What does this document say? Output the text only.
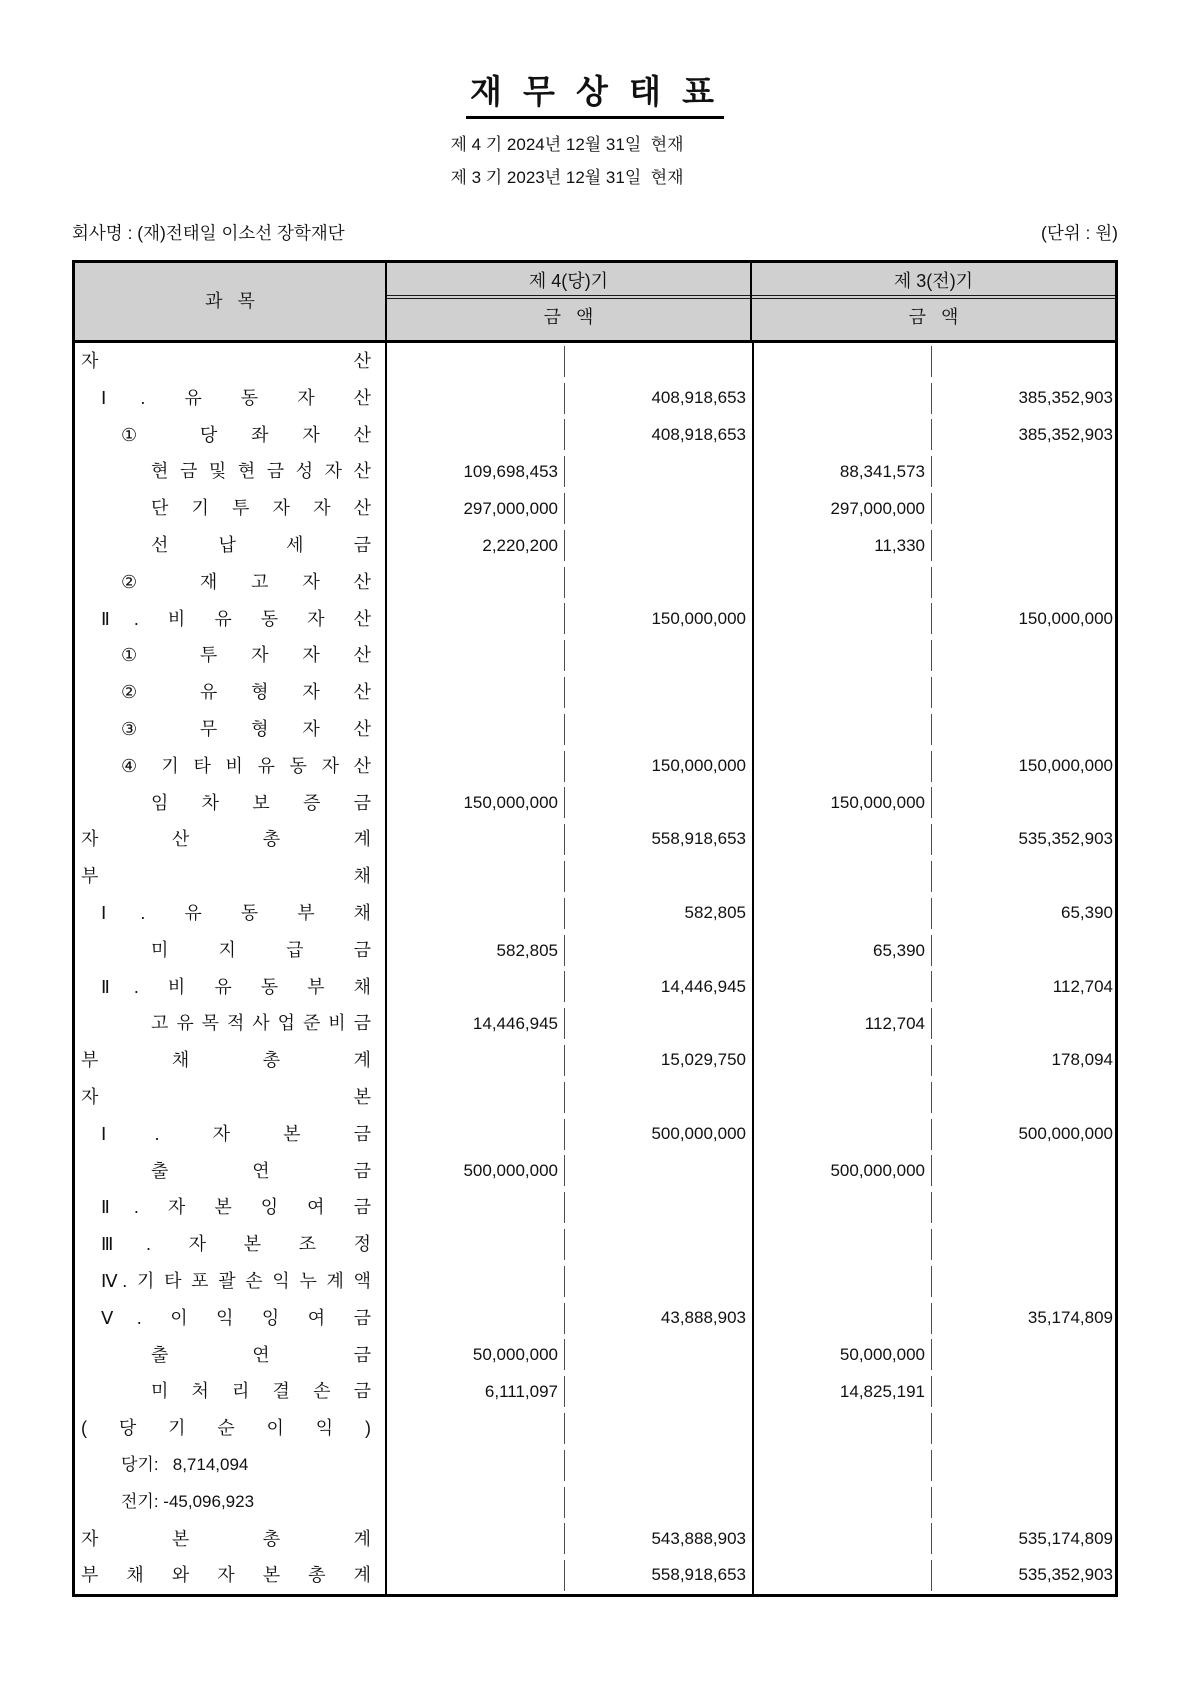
재 무 상 태 표
제 4 기 2024년 12월 31일  현재
제 3 기 2023년 12월 31일  현재
회사명 : (재)전태일 이소선 장학재단	(단위 : 원)
과   목
제 4(당)기
금   액
제 3(전)기
금   액
자 산
Ⅰ. 유 동 자 산	408,918,653	385,352,903
① 당 좌 자 산	408,918,653	385,352,903
현 금 및 현 금 성 자 산	109,698,453	88,341,573
단 기 투 자 자 산	297,000,000	297,000,000
선 납 세 금	2,220,200	11,330
② 재 고 자 산
Ⅱ. 비 유 동 자 산	150,000,000	150,000,000
① 투 자 자 산
② 유 형 자 산
③ 무 형 자 산
④ 기 타 비 유 동 자 산	150,000,000	150,000,000
임 차 보 증 금	150,000,000	150,000,000
자 산 총 계	558,918,653	535,352,903
부 채
Ⅰ. 유 동 부 채	582,805	65,390
미 지 급 금	582,805	65,390
Ⅱ. 비 유 동 부 채	14,446,945	112,704
고 유 목 적 사 업 준 비 금	14,446,945	112,704
부 채 총 계	15,029,750	178,094
자 본
Ⅰ. 자 본 금	500,000,000	500,000,000
출 연 금	500,000,000	500,000,000
Ⅱ. 자 본 잉 여 금
Ⅲ. 자 본 조 정
Ⅳ. 기 타 포 괄 손 익 누 계 액
Ⅴ. 이 익 잉 여 금	43,888,903	35,174,809
출 연 금	50,000,000	50,000,000
미 처 리 결 손 금	6,111,097	14,825,191
( 당 기 순 이 익 )
당기:   8,714,094
전기: -45,096,923
자 본 총 계	543,888,903	535,174,809
부 채 와 자 본 총 계	558,918,653	535,352,903
